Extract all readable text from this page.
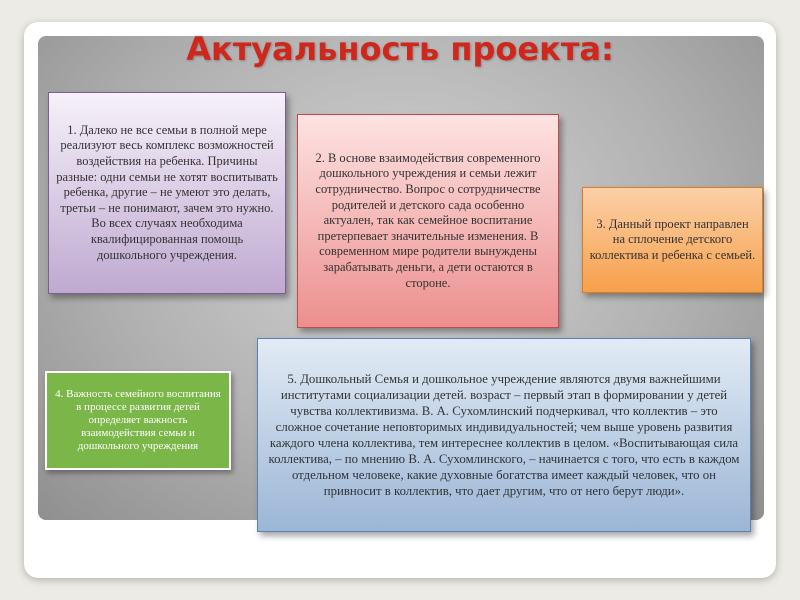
Актуальность проекта:
1. Далеко не все семьи в полной мере реализуют весь комплекс возможностей воздействия на ребенка. Причины разные: одни семьи не хотят воспитывать ребенка, другие – не умеют это делать, третьи – не понимают, зачем это нужно. Во всех случаях необходима квалифицированная помощь дошкольного учреждения.
2. В основе взаимодействия современного дошкольного учреждения и семьи лежит сотрудничество. Вопрос о сотрудничестве родителей и детского сада особенно актуален, так как семейное воспитание претерпевает значительные изменения. В современном мире родители вынуждены зарабатывать деньги, а дети остаются в стороне.
3. Данный проект направлен на сплочение детского коллектива и ребенка с семьей.
4. Важность семейного воспитания в процессе развития детей определяет важность взаимодействия семьи и дошкольного учреждения
5. Дошкольный Семья и дошкольное учреждение являются двумя важнейшими институтами социализации детей. возраст – первый этап в формировании у детей чувства коллективизма. В. А. Сухомлинский подчеркивал, что коллектив – это сложное сочетание неповторимых индивидуальностей; чем выше уровень развития каждого члена коллектива, тем интереснее коллектив в целом. «Воспитывающая сила коллектива, – по мнению В. А. Сухомлинского, – начинается с того, что есть в каждом отдельном человеке, какие духовные богатства имеет каждый человек, что он привносит в коллектив, что дает другим, что от него берут люди».
